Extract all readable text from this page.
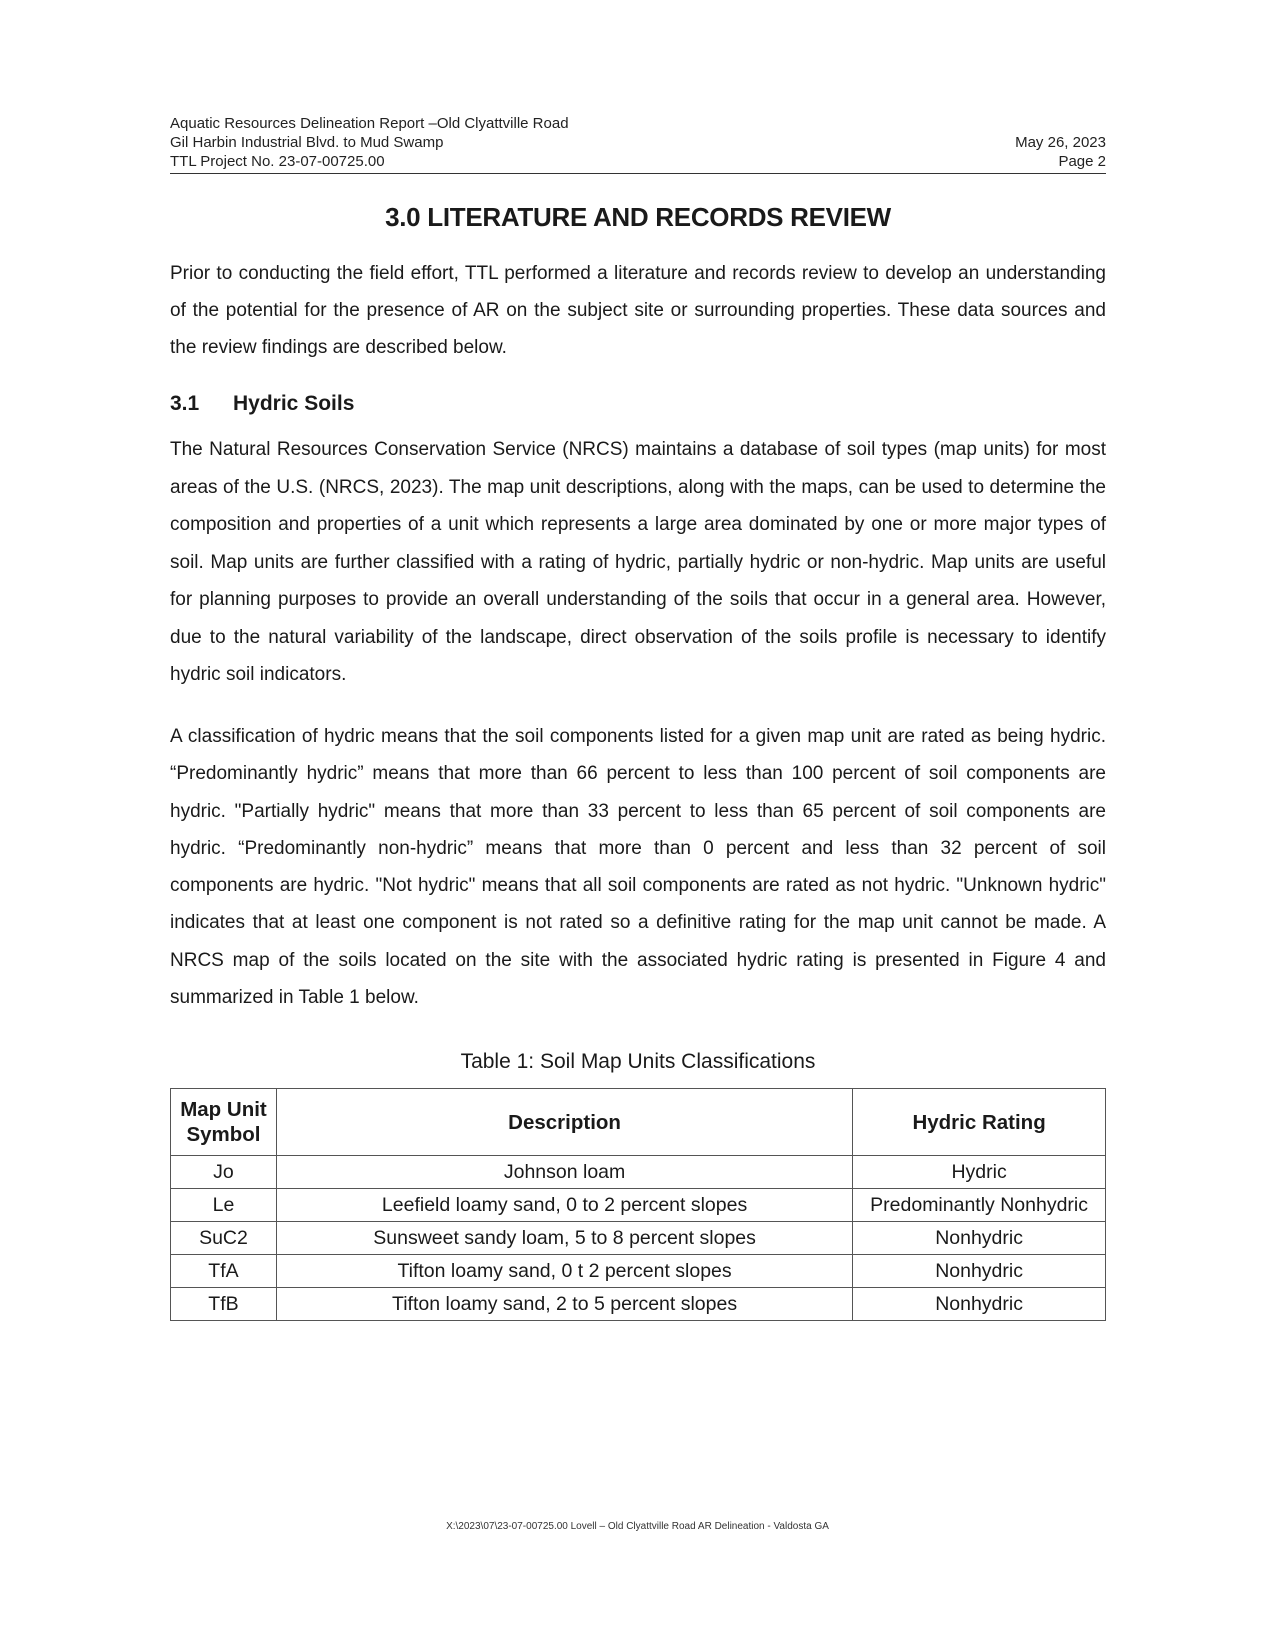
Aquatic Resources Delineation Report –Old Clyattville Road
Gil Harbin Industrial Blvd. to Mud Swamp
TTL Project No. 23-07-00725.00
May 26, 2023
Page 2
3.0 LITERATURE AND RECORDS REVIEW
Prior to conducting the field effort, TTL performed a literature and records review to develop an understanding of the potential for the presence of AR on the subject site or surrounding properties. These data sources and the review findings are described below.
3.1 Hydric Soils
The Natural Resources Conservation Service (NRCS) maintains a database of soil types (map units) for most areas of the U.S. (NRCS, 2023). The map unit descriptions, along with the maps, can be used to determine the composition and properties of a unit which represents a large area dominated by one or more major types of soil. Map units are further classified with a rating of hydric, partially hydric or non-hydric. Map units are useful for planning purposes to provide an overall understanding of the soils that occur in a general area. However, due to the natural variability of the landscape, direct observation of the soils profile is necessary to identify hydric soil indicators.
A classification of hydric means that the soil components listed for a given map unit are rated as being hydric. “Predominantly hydric” means that more than 66 percent to less than 100 percent of soil components are hydric. "Partially hydric" means that more than 33 percent to less than 65 percent of soil components are hydric. “Predominantly non-hydric” means that more than 0 percent and less than 32 percent of soil components are hydric. "Not hydric" means that all soil components are rated as not hydric. "Unknown hydric" indicates that at least one component is not rated so a definitive rating for the map unit cannot be made. A NRCS map of the soils located on the site with the associated hydric rating is presented in Figure 4 and summarized in Table 1 below.
Table 1: Soil Map Units Classifications
Map Unit Symbol	Description	Hydric Rating
Jo	Johnson loam	Hydric
Le	Leefield loamy sand, 0 to 2 percent slopes	Predominantly Nonhydric
SuC2	Sunsweet sandy loam, 5 to 8 percent slopes	Nonhydric
TfA	Tifton loamy sand, 0 t 2 percent slopes	Nonhydric
TfB	Tifton loamy sand, 2 to 5 percent slopes	Nonhydric
X:\2023\07\23-07-00725.00 Lovell – Old Clyattville Road AR Delineation - Valdosta GA
